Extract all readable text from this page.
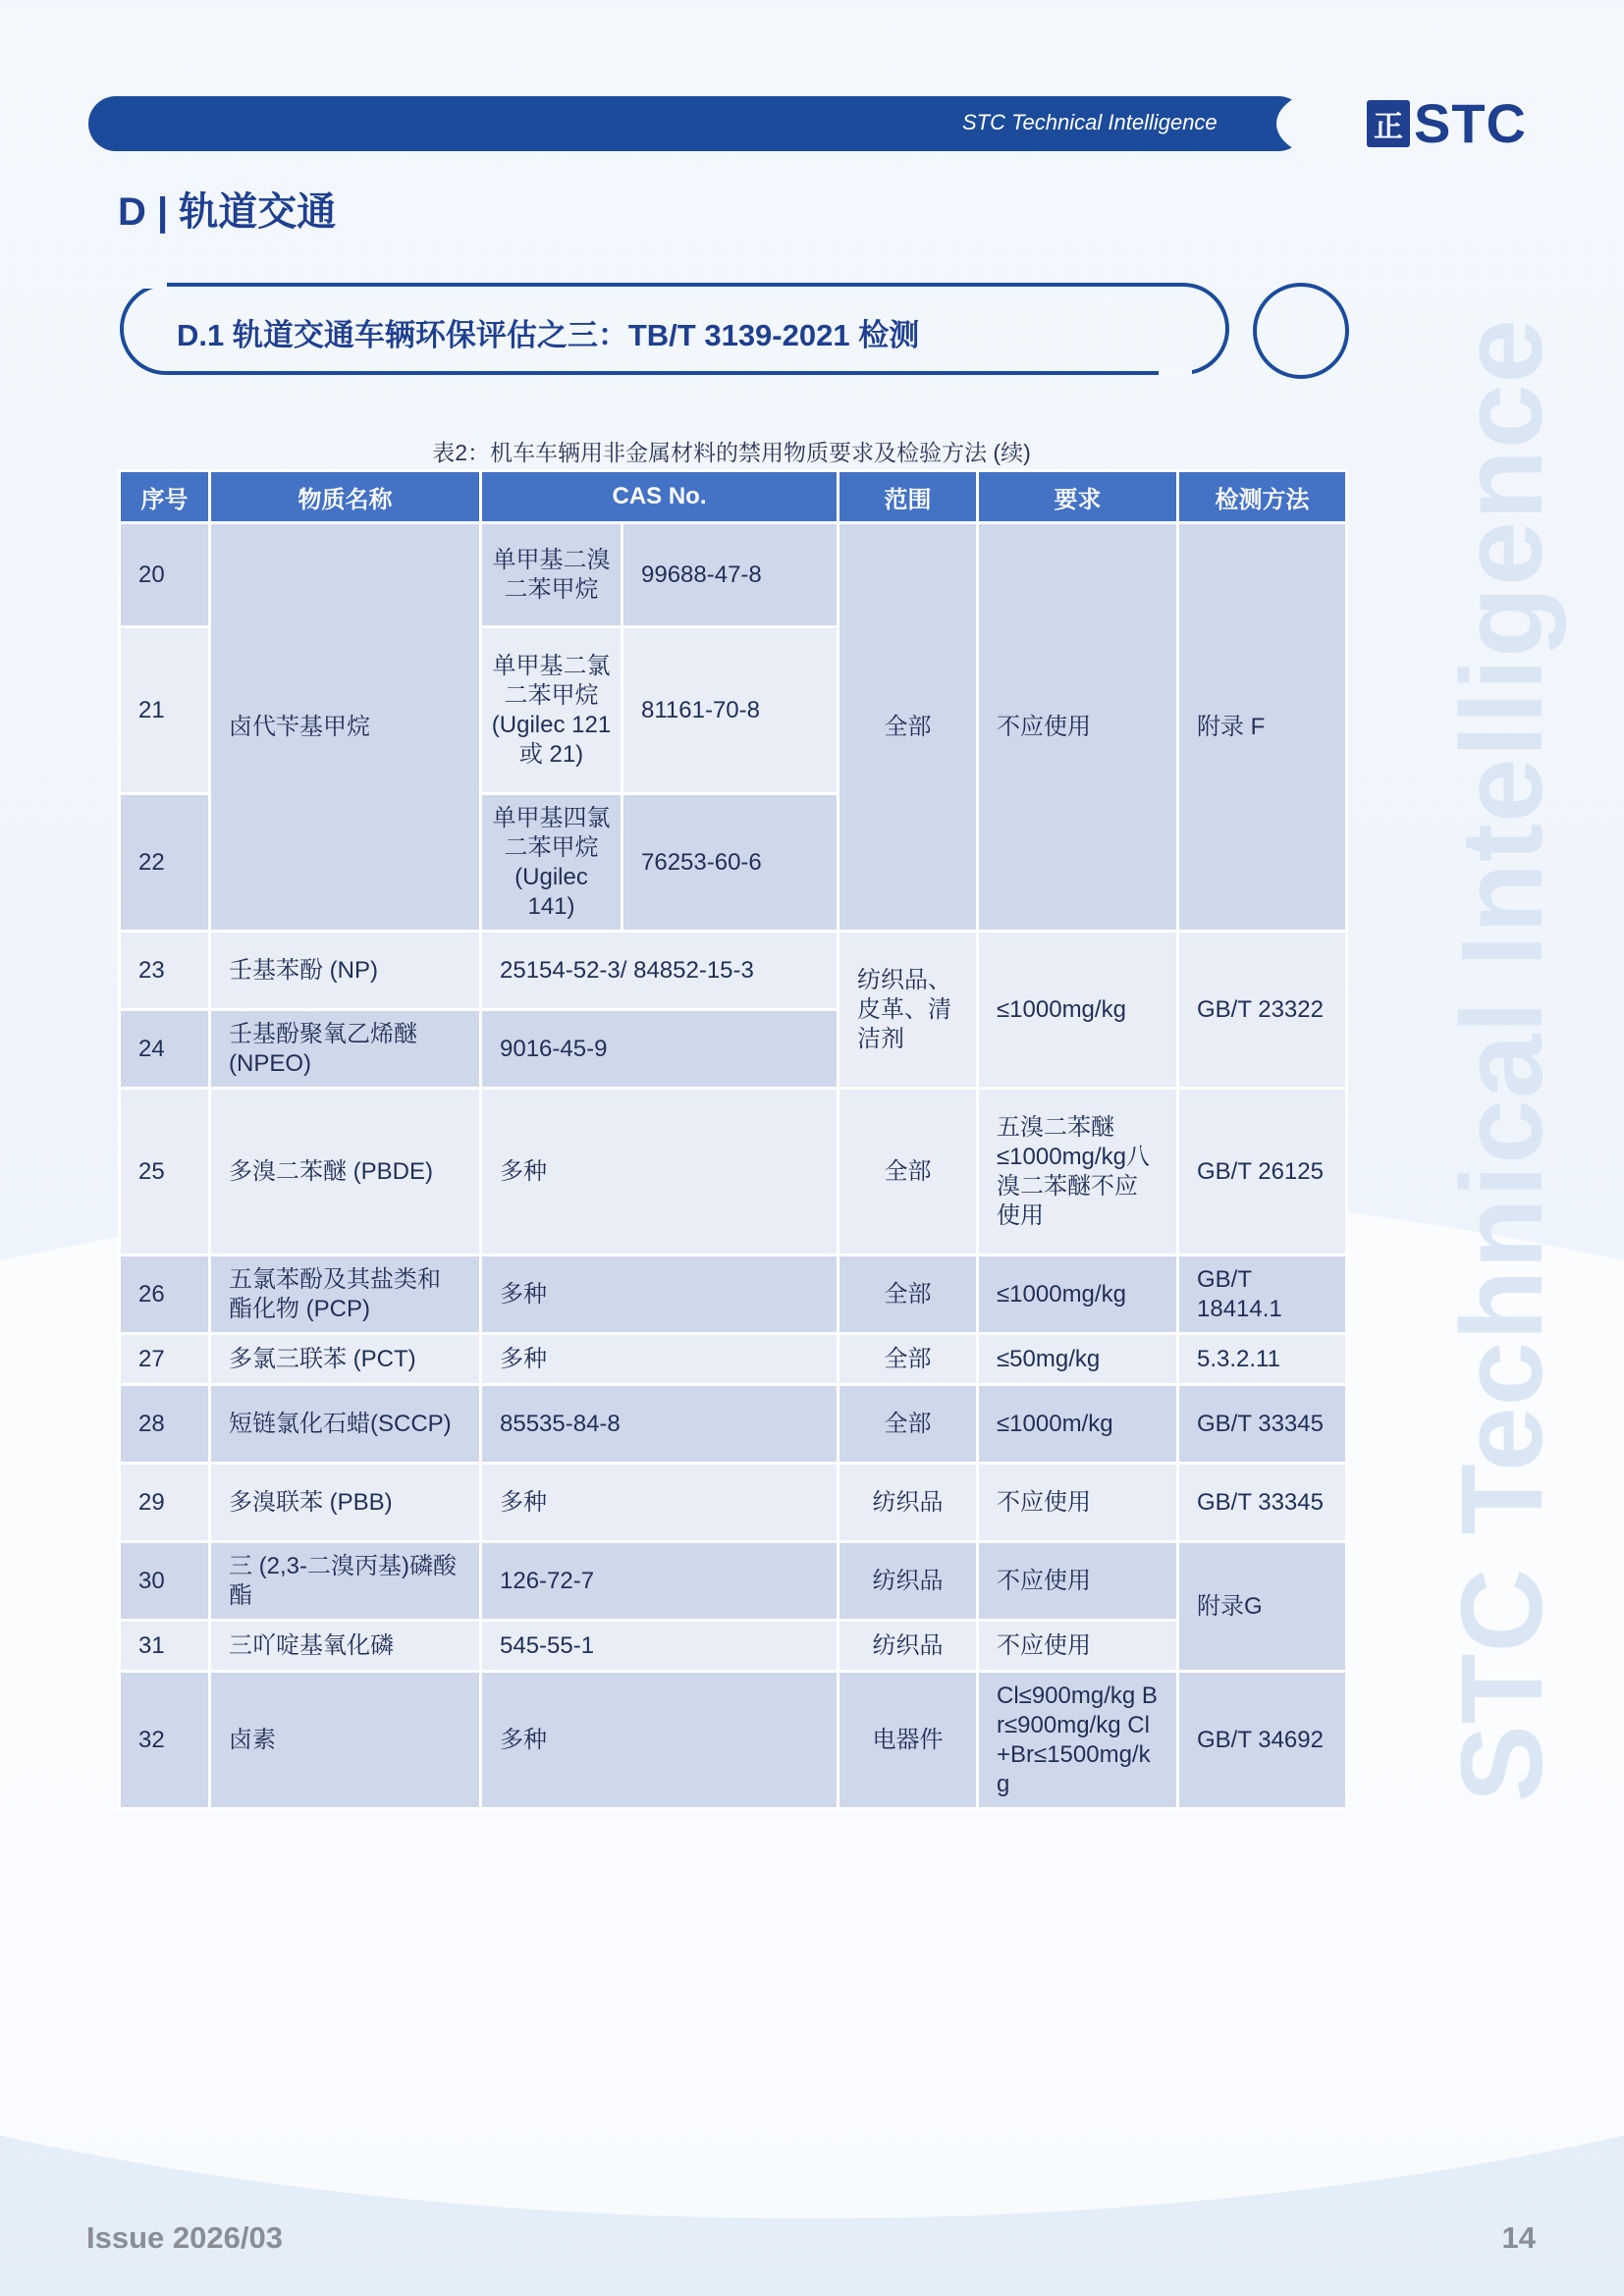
STC Technical Intelligence
STC Technical Intelligence	正 STC
D | 轨道交通
D.1 轨道交通车辆环保评估之三：TB/T 3139-2021 检测
表2：机车车辆用非金属材料的禁用物质要求及检验方法 (续)
序号	物质名称	CAS No.		范围	要求	检测方法
20	卤代苄基甲烷	单甲基二溴二苯甲烷	99688-47-8	全部	不应使用	附录 F
21		单甲基二氯二苯甲烷(Ugilec 121 或 21)	81161-70-8			
22		单甲基四氯二苯甲烷(Ugilec 141)	76253-60-6			
23	壬基苯酚 (NP)	25154-52-3/ 84852-15-3		纺织品、皮革、清洁剂	≤1000mg/kg	GB/T 23322
24	壬基酚聚氧乙烯醚 (NPEO)	9016-45-9				
25	多溴二苯醚 (PBDE)	多种		全部	五溴二苯醚≤1000mg/kg八溴二苯醚不应使用	GB/T 26125
26	五氯苯酚及其盐类和酯化物 (PCP)	多种		全部	≤1000mg/kg	GB/T 18414.1
27	多氯三联苯 (PCT)	多种		全部	≤50mg/kg	5.3.2.11
28	短链氯化石蜡(SCCP)	85535-84-8		全部	≤1000m/kg	GB/T 33345
29	多溴联苯 (PBB)	多种		纺织品	不应使用	GB/T 33345
30	三 (2,3-二溴丙基)磷酸酯	126-72-7		纺织品	不应使用	附录G
31	三吖啶基氧化磷	545-55-1		纺织品	不应使用	
32	卤素	多种		电器件	Cl≤900mg/kg Br≤900mg/kg Cl+Br≤1500mg/kg	GB/T 34692
Issue 2026/03	14
